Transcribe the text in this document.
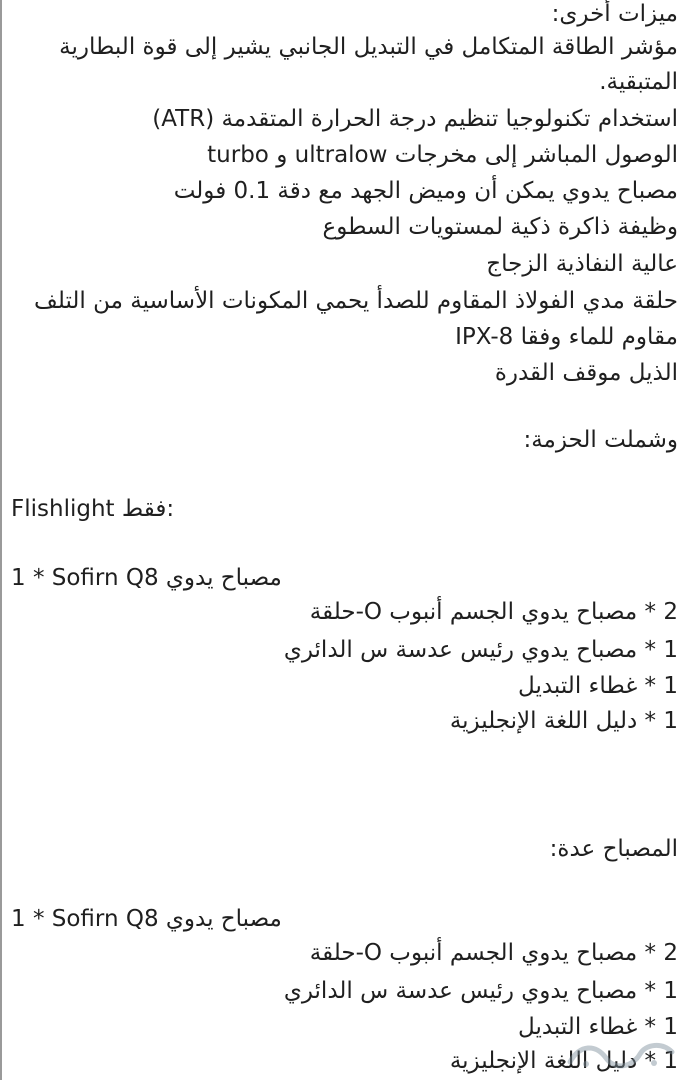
ميزات أخرى:
مؤشر الطاقة المتكامل في التبديل الجانبي يشير إلى قوة البطارية
المتبقية.
استخدام تكنولوجيا تنظيم درجة الحرارة المتقدمة (ATR)
الوصول المباشر إلى مخرجات ultralow و turbo
مصباح يدوي يمكن أن وميض الجهد مع دقة 0.1 فولت
وظيفة ذاكرة ذكية لمستويات السطوع
عالية النفاذية الزجاج
حلقة مدي الفولاذ المقاوم للصدأ يحمي المكونات الأساسية من التلف
مقاوم للماء وفقا IPX-8
الذيل موقف القدرة
وشملت الحزمة:
Flishlight فقط:
1 * Sofirn Q8 مصباح يدوي
2 * مصباح يدوي الجسم أنبوب O-حلقة
1 * مصباح يدوي رئيس عدسة س الدائري
1 * غطاء التبديل
1 * دليل اللغة الإنجليزية
المصباح عدة:
1 * Sofirn Q8 مصباح يدوي
2 * مصباح يدوي الجسم أنبوب O-حلقة
1 * مصباح يدوي رئيس عدسة س الدائري
1 * غطاء التبديل
1 * دليل اللغة الإنجليزية
